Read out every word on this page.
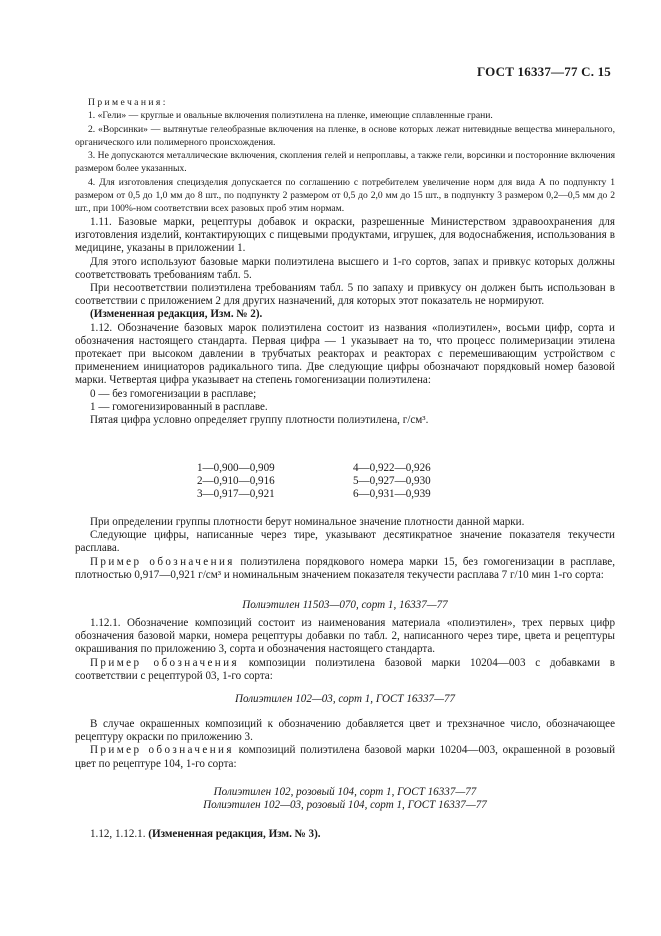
ГОСТ 16337—77 С. 15

Примечания:

1. «Гели» — круглые и овальные включения полиэтилена на пленке, имеющие сплавленные грани.

2. «Ворсинки» — вытянутые гелеобразные включения на пленке, в основе которых лежат нитевидные вещества минерального, органического или полимерного происхождения.

3. Не допускаются металлические включения, скопления гелей и непроплавы, а также гели, ворсинки и посторонние включения размером более указанных.

4. Для изготовления специзделия допускается по соглашению с потребителем увеличение норм для вида А по подпункту 1 размером от 0,5 до 1,0 мм до 8 шт., по подпункту 2 размером от 0,5 до 2,0 мм до 15 шт., в подпункту 3 размером 0,2—0,5 мм до 2 шт., при 100%-ном соответствии всех разовых проб этим нормам.

1.11. Базовые марки, рецептуры добавок и окраски, разрешенные Министерством здравоохранения для изготовления изделий, контактирующих с пищевыми продуктами, игрушек, для водоснабжения, использования в медицине, указаны в приложении 1.

Для этого используют базовые марки полиэтилена высшего и 1-го сортов, запах и привкус которых должны соответствовать требованиям табл. 5.

При несоответствии полиэтилена требованиям табл. 5 по запаху и привкусу он должен быть использован в соответствии с приложением 2 для других назначений, для которых этот показатель не нормируют.

(Измененная редакция, Изм. № 2).

1.12. Обозначение базовых марок полиэтилена состоит из названия «полиэтилен», восьми цифр, сорта и обозначения настоящего стандарта. Первая цифра — 1 указывает на то, что процесс полимеризации этилена протекает при высоком давлении в трубчатых реакторах и реакторах с перемешивающим устройством с применением инициаторов радикального типа. Две следующие цифры обозначают порядковый номер базовой марки. Четвертая цифра указывает на степень гомогенизации полиэтилена:

0 — без гомогенизации в расплаве;

1 — гомогенизированный в расплаве.

Пятая цифра условно определяет группу плотности полиэтилена, г/см³.

1—0,900—0,909	4—0,922—0,926
2—0,910—0,916	5—0,927—0,930
3—0,917—0,921	6—0,931—0,939

При определении группы плотности берут номинальное значение плотности данной марки.

Следующие цифры, написанные через тире, указывают десятикратное значение показателя текучести расплава.

Пример обозначения полиэтилена порядкового номера марки 15, без гомогенизации в расплаве, плотностью 0,917—0,921 г/см³ и номинальным значением показателя текучести расплава 7 г/10 мин 1-го сорта:

Полиэтилен 11503—070, сорт 1, 16337—77

1.12.1. Обозначение композиций состоит из наименования материала «полиэтилен», трех первых цифр обозначения базовой марки, номера рецептуры добавки по табл. 2, написанного через тире, цвета и рецептуры окрашивания по приложению 3, сорта и обозначения настоящего стандарта.

Пример обозначения композиции полиэтилена базовой марки 10204—003 с добавками в соответствии с рецептурой 03, 1-го сорта:

Полиэтилен 102—03, сорт 1, ГОСТ 16337—77

В случае окрашенных композиций к обозначению добавляется цвет и трехзначное число, обозначающее рецептуру окраски по приложению 3.

Пример обозначения композиций полиэтилена базовой марки 10204—003, окрашенной в розовый цвет по рецептуре 104, 1-го сорта:

Полиэтилен 102, розовый 104, сорт 1, ГОСТ 16337—77
Полиэтилен 102—03, розовый 104, сорт 1, ГОСТ 16337—77

1.12, 1.12.1. (Измененная редакция, Изм. № 3).
